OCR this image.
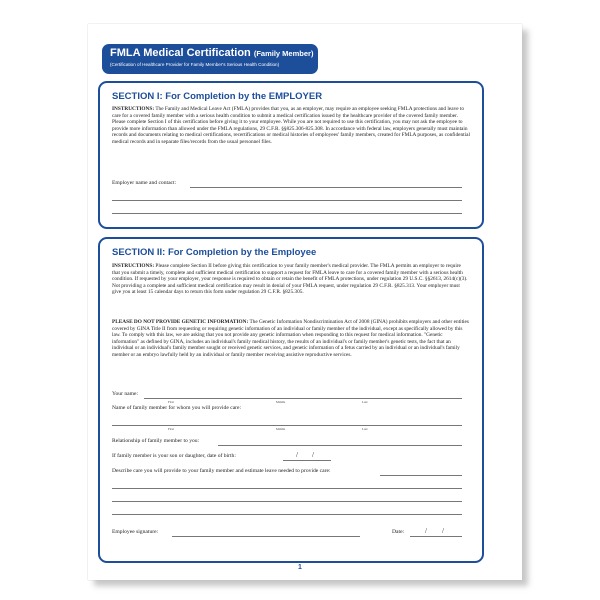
FMLA Medical Certification (Family Member)
(Certification of Healthcare Provider for Family Member's Serious Health Condition)
SECTION I: For Completion by the EMPLOYER
INSTRUCTIONS: The Family and Medical Leave Act (FMLA) provides that you, as an employer, may require an employee seeking FMLA protections and leave to care for a covered family member with a serious health condition to submit a medical certification issued by the healthcare provider of the covered family member. Please complete Section I of this certification before giving it to your employee. While you are not required to use this certification, you may not ask the employee to provide more information than allowed under the FMLA regulations, 29 C.F.R. §§825.306-825.308. In accordance with federal law, employers generally must maintain records and documents relating to medical certifications, recertifications or medical histories of employees' family members, created for FMLA purposes, as confidential medical records and in separate files/records from the usual personnel files.
Employer name and contact:
SECTION II: For Completion by the Employee
INSTRUCTIONS: Please complete Section II before giving this certification to your family member's medical provider. The FMLA permits an employer to require that you submit a timely, complete and sufficient medical certification to support a request for FMLA leave to care for a covered family member with a serious health condition. If requested by your employer, your response is required to obtain or retain the benefit of FMLA protections, under regulation 29 U.S.C. §§2613, 2614(c)(3). Not providing a complete and sufficient medical certification may result in denial of your FMLA request, under regulation 29 C.F.R. §825.313. Your employer must give you at least 15 calendar days to return this form under regulation 29 C.F.R. §825.305.
PLEASE DO NOT PROVIDE GENETIC INFORMATION: The Genetic Information Nondiscrimination Act of 2008 (GINA) prohibits employers and other entities covered by GINA Title II from requesting or requiring genetic information of an individual or family member of the individual, except as specifically allowed by this law. To comply with this law, we are asking that you not provide any genetic information when responding to this request for medical information. "Genetic information" as defined by GINA, includes an individual's family medical history, the results of an individual's or family member's genetic tests, the fact that an individual or an individual's family member sought or received genetic services, and genetic information of a fetus carried by an individual or an individual's family member or an embryo lawfully held by an individual or family member receiving assistive reproductive services.
Your name:
First	Middle	Last
Name of family member for whom you will provide care:
First	Middle	Last
Relationship of family member to you:
If family member is your son or daughter, date of birth:	/ /
Describe care you will provide to your family member and estimate leave needed to provide care:
Employee signature:	Date:	/ /
1
